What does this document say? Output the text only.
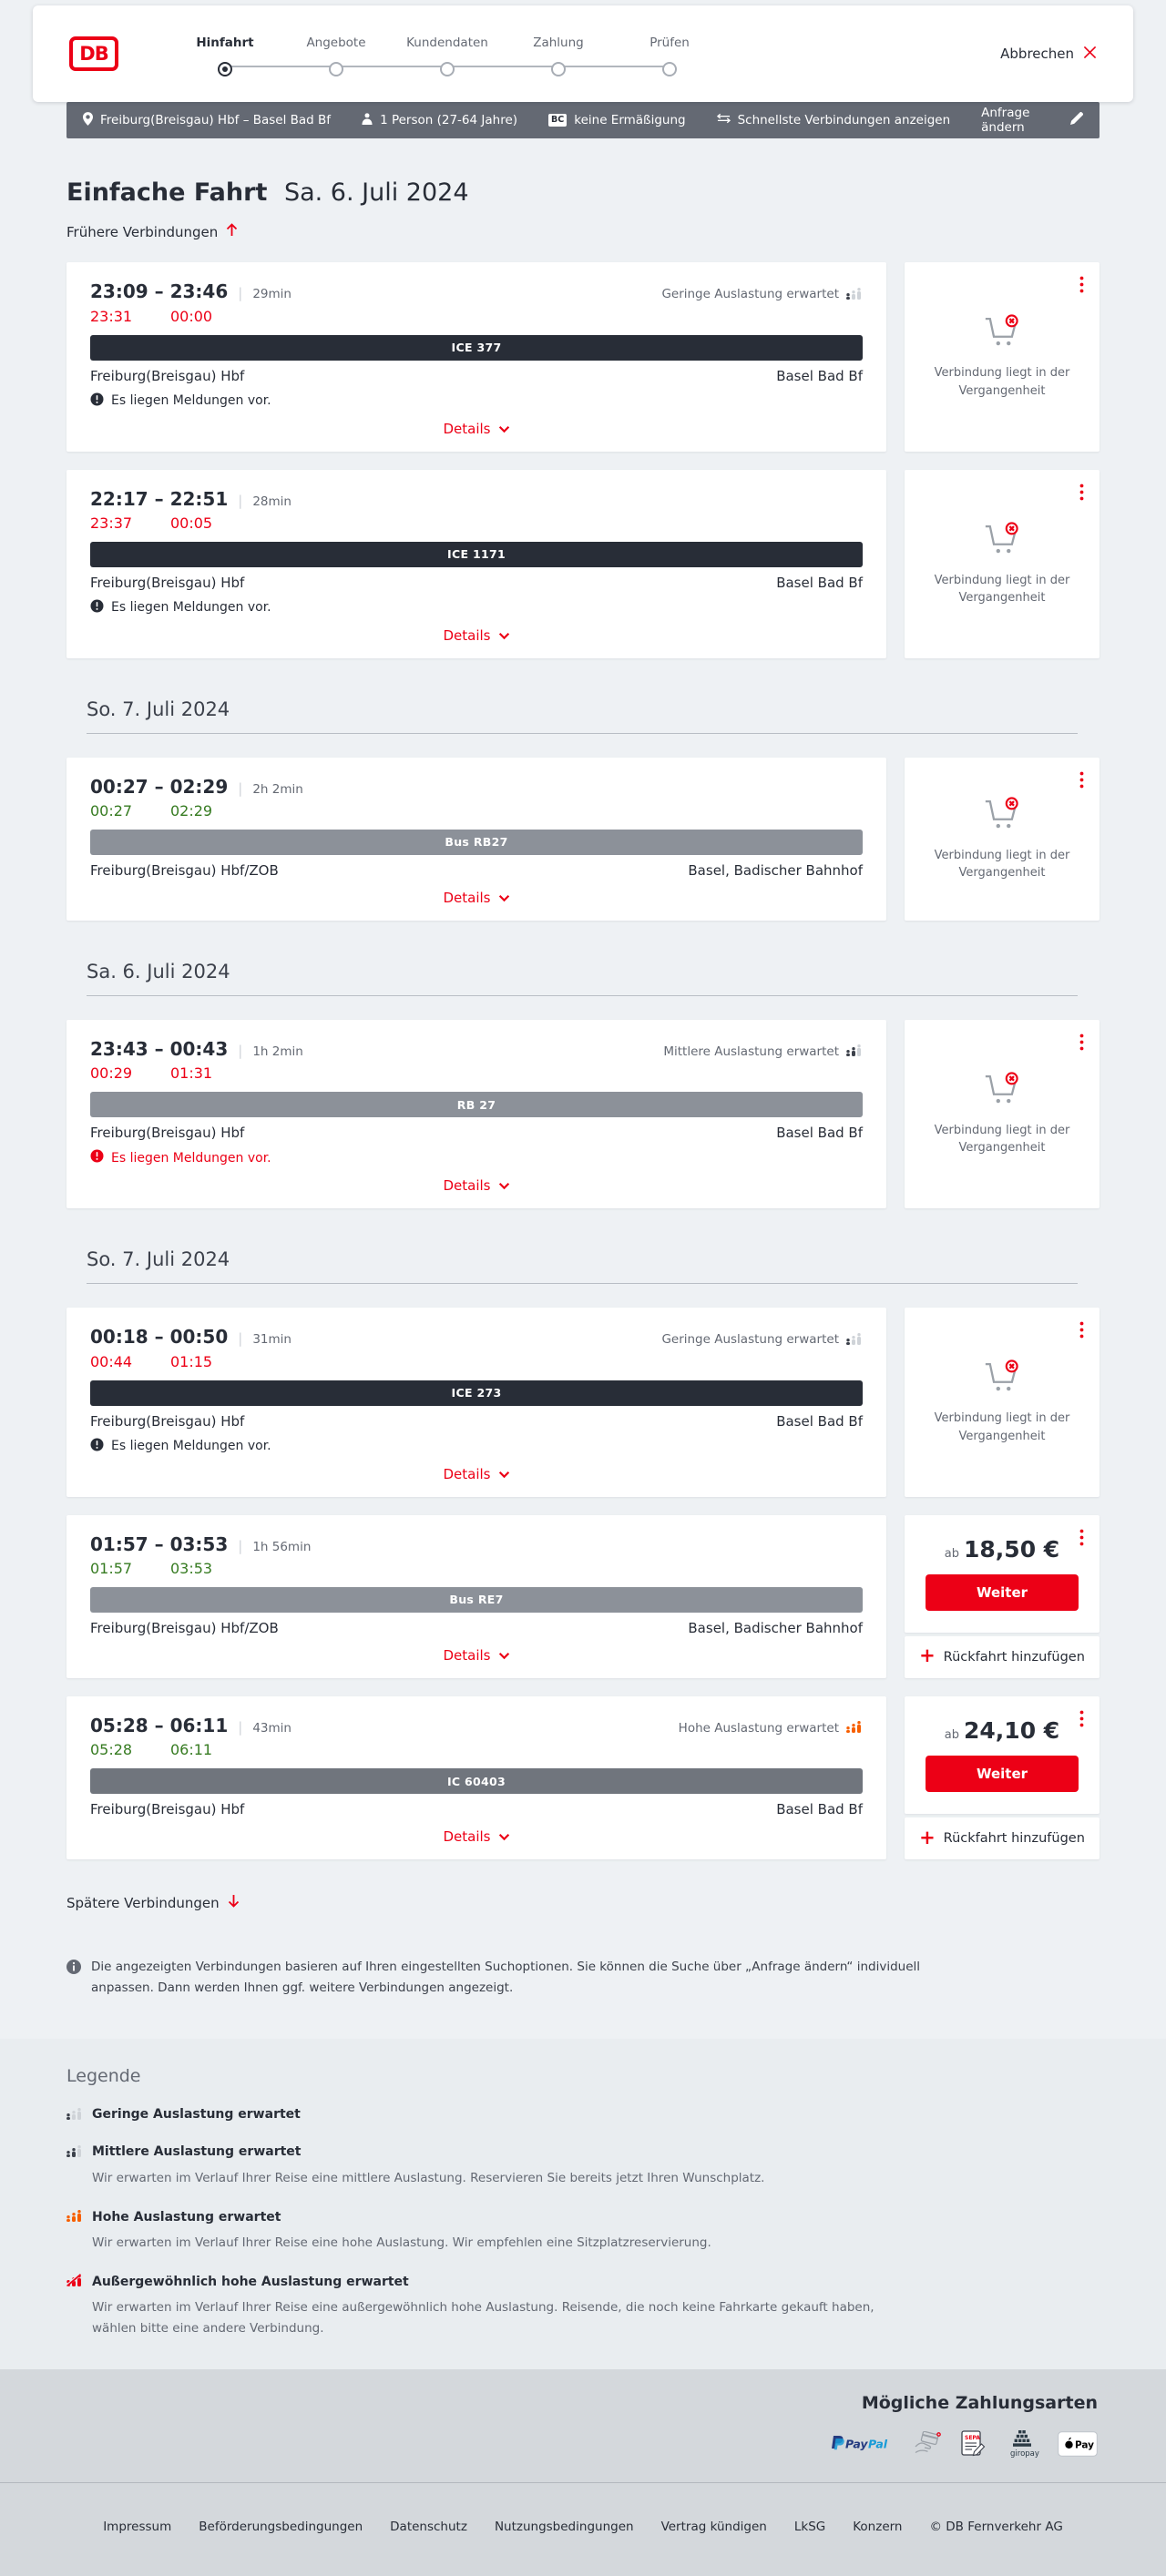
DB
Hinfahrt	Angebote	Kundendaten	Zahlung	Prüfen
Abbrechen
Freiburg(Breisgau) Hbf – Basel Bad Bf	1 Person (27-64 Jahre)	BC keine Ermäßigung	Schnellste Verbindungen anzeigen	Anfrage ändern
Einfache Fahrt Sa. 6. Juli 2024
Frühere Verbindungen
23:09 – 23:46 | 29min	Geringe Auslastung erwartet
23:31	00:00
ICE 377
Freiburg(Breisgau) Hbf	Basel Bad Bf
Es liegen Meldungen vor.
Details
Verbindung liegt in der Vergangenheit
22:17 – 22:51 | 28min
23:37	00:05
ICE 1171
Freiburg(Breisgau) Hbf	Basel Bad Bf
Es liegen Meldungen vor.
Details
Verbindung liegt in der Vergangenheit
So. 7. Juli 2024
00:27 – 02:29 | 2h 2min
00:27	02:29
Bus RB27
Freiburg(Breisgau) Hbf/ZOB	Basel, Badischer Bahnhof
Details
Verbindung liegt in der Vergangenheit
Sa. 6. Juli 2024
23:43 – 00:43 | 1h 2min	Mittlere Auslastung erwartet
00:29	01:31
RB 27
Freiburg(Breisgau) Hbf	Basel Bad Bf
Es liegen Meldungen vor.
Details
Verbindung liegt in der Vergangenheit
So. 7. Juli 2024
00:18 – 00:50 | 31min	Geringe Auslastung erwartet
00:44	01:15
ICE 273
Freiburg(Breisgau) Hbf	Basel Bad Bf
Es liegen Meldungen vor.
Details
Verbindung liegt in der Vergangenheit
01:57 – 03:53 | 1h 56min
01:57	03:53
Bus RE7
Freiburg(Breisgau) Hbf/ZOB	Basel, Badischer Bahnhof
Details
ab 18,50 €
Weiter
+ Rückfahrt hinzufügen
05:28 – 06:11 | 43min	Hohe Auslastung erwartet
05:28	06:11
IC 60403
Freiburg(Breisgau) Hbf	Basel Bad Bf
Details
ab 24,10 €
Weiter
+ Rückfahrt hinzufügen
Spätere Verbindungen
Die angezeigten Verbindungen basieren auf Ihren eingestellten Suchoptionen. Sie können die Suche über „Anfrage ändern“ individuell anpassen. Dann werden Ihnen ggf. weitere Verbindungen angezeigt.
Legende
Geringe Auslastung erwartet
Mittlere Auslastung erwartet
Wir erwarten im Verlauf Ihrer Reise eine mittlere Auslastung. Reservieren Sie bereits jetzt Ihren Wunschplatz.
Hohe Auslastung erwartet
Wir erwarten im Verlauf Ihrer Reise eine hohe Auslastung. Wir empfehlen eine Sitzplatzreservierung.
Außergewöhnlich hohe Auslastung erwartet
Wir erwarten im Verlauf Ihrer Reise eine außergewöhnlich hohe Auslastung. Reisende, die noch keine Fahrkarte gekauft haben, wählen bitte eine andere Verbindung.
Mögliche Zahlungsarten
Pay Pal	SEPA
giropay
Pay
Impressum Beförderungsbedingungen Datenschutz Nutzungsbedingungen Vertrag kündigen LkSG Konzern © DB Fernverkehr AG
